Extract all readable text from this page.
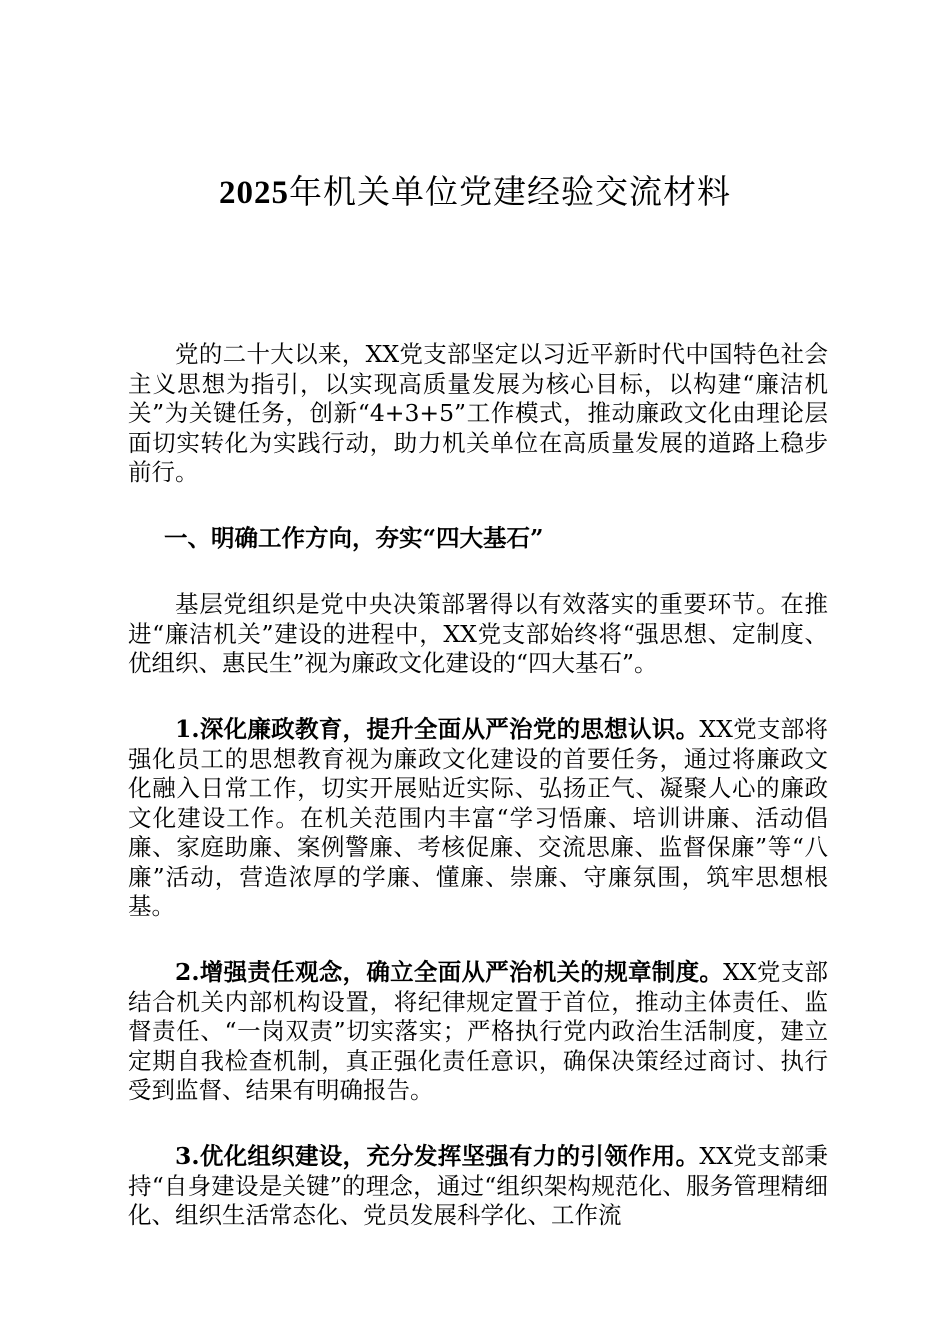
2025年机关单位党建经验交流材料

党的二十大以来，XX党支部坚定以习近平新时代中国特色社会主义思想为指引，以实现高质量发展为核心目标，以构建“廉洁机关”为关键任务，创新“4+3+5”工作模式，推动廉政文化由理论层面切实转化为实践行动，助力机关单位在高质量发展的道路上稳步前行。

一、明确工作方向，夯实“四大基石”

基层党组织是党中央决策部署得以有效落实的重要环节。在推进“廉洁机关”建设的进程中，XX党支部始终将“强思想、定制度、优组织、惠民生”视为廉政文化建设的“四大基石”。

1.深化廉政教育，提升全面从严治党的思想认识。XX党支部将强化员工的思想教育视为廉政文化建设的首要任务，通过将廉政文化融入日常工作，切实开展贴近实际、弘扬正气、凝聚人心的廉政文化建设工作。在机关范围内丰富“学习悟廉、培训讲廉、活动倡廉、家庭助廉、案例警廉、考核促廉、交流思廉、监督保廉”等“八廉”活动，营造浓厚的学廉、懂廉、崇廉、守廉氛围，筑牢思想根基。

2.增强责任观念，确立全面从严治机关的规章制度。XX党支部结合机关内部机构设置，将纪律规定置于首位，推动主体责任、监督责任、“一岗双责”切实落实；严格执行党内政治生活制度，建立定期自我检查机制，真正强化责任意识，确保决策经过商讨、执行受到监督、结果有明确报告。

3.优化组织建设，充分发挥坚强有力的引领作用。XX党支部秉持“自身建设是关键”的理念，通过“组织架构规范化、服务管理精细化、组织生活常态化、党员发展科学化、工作流
